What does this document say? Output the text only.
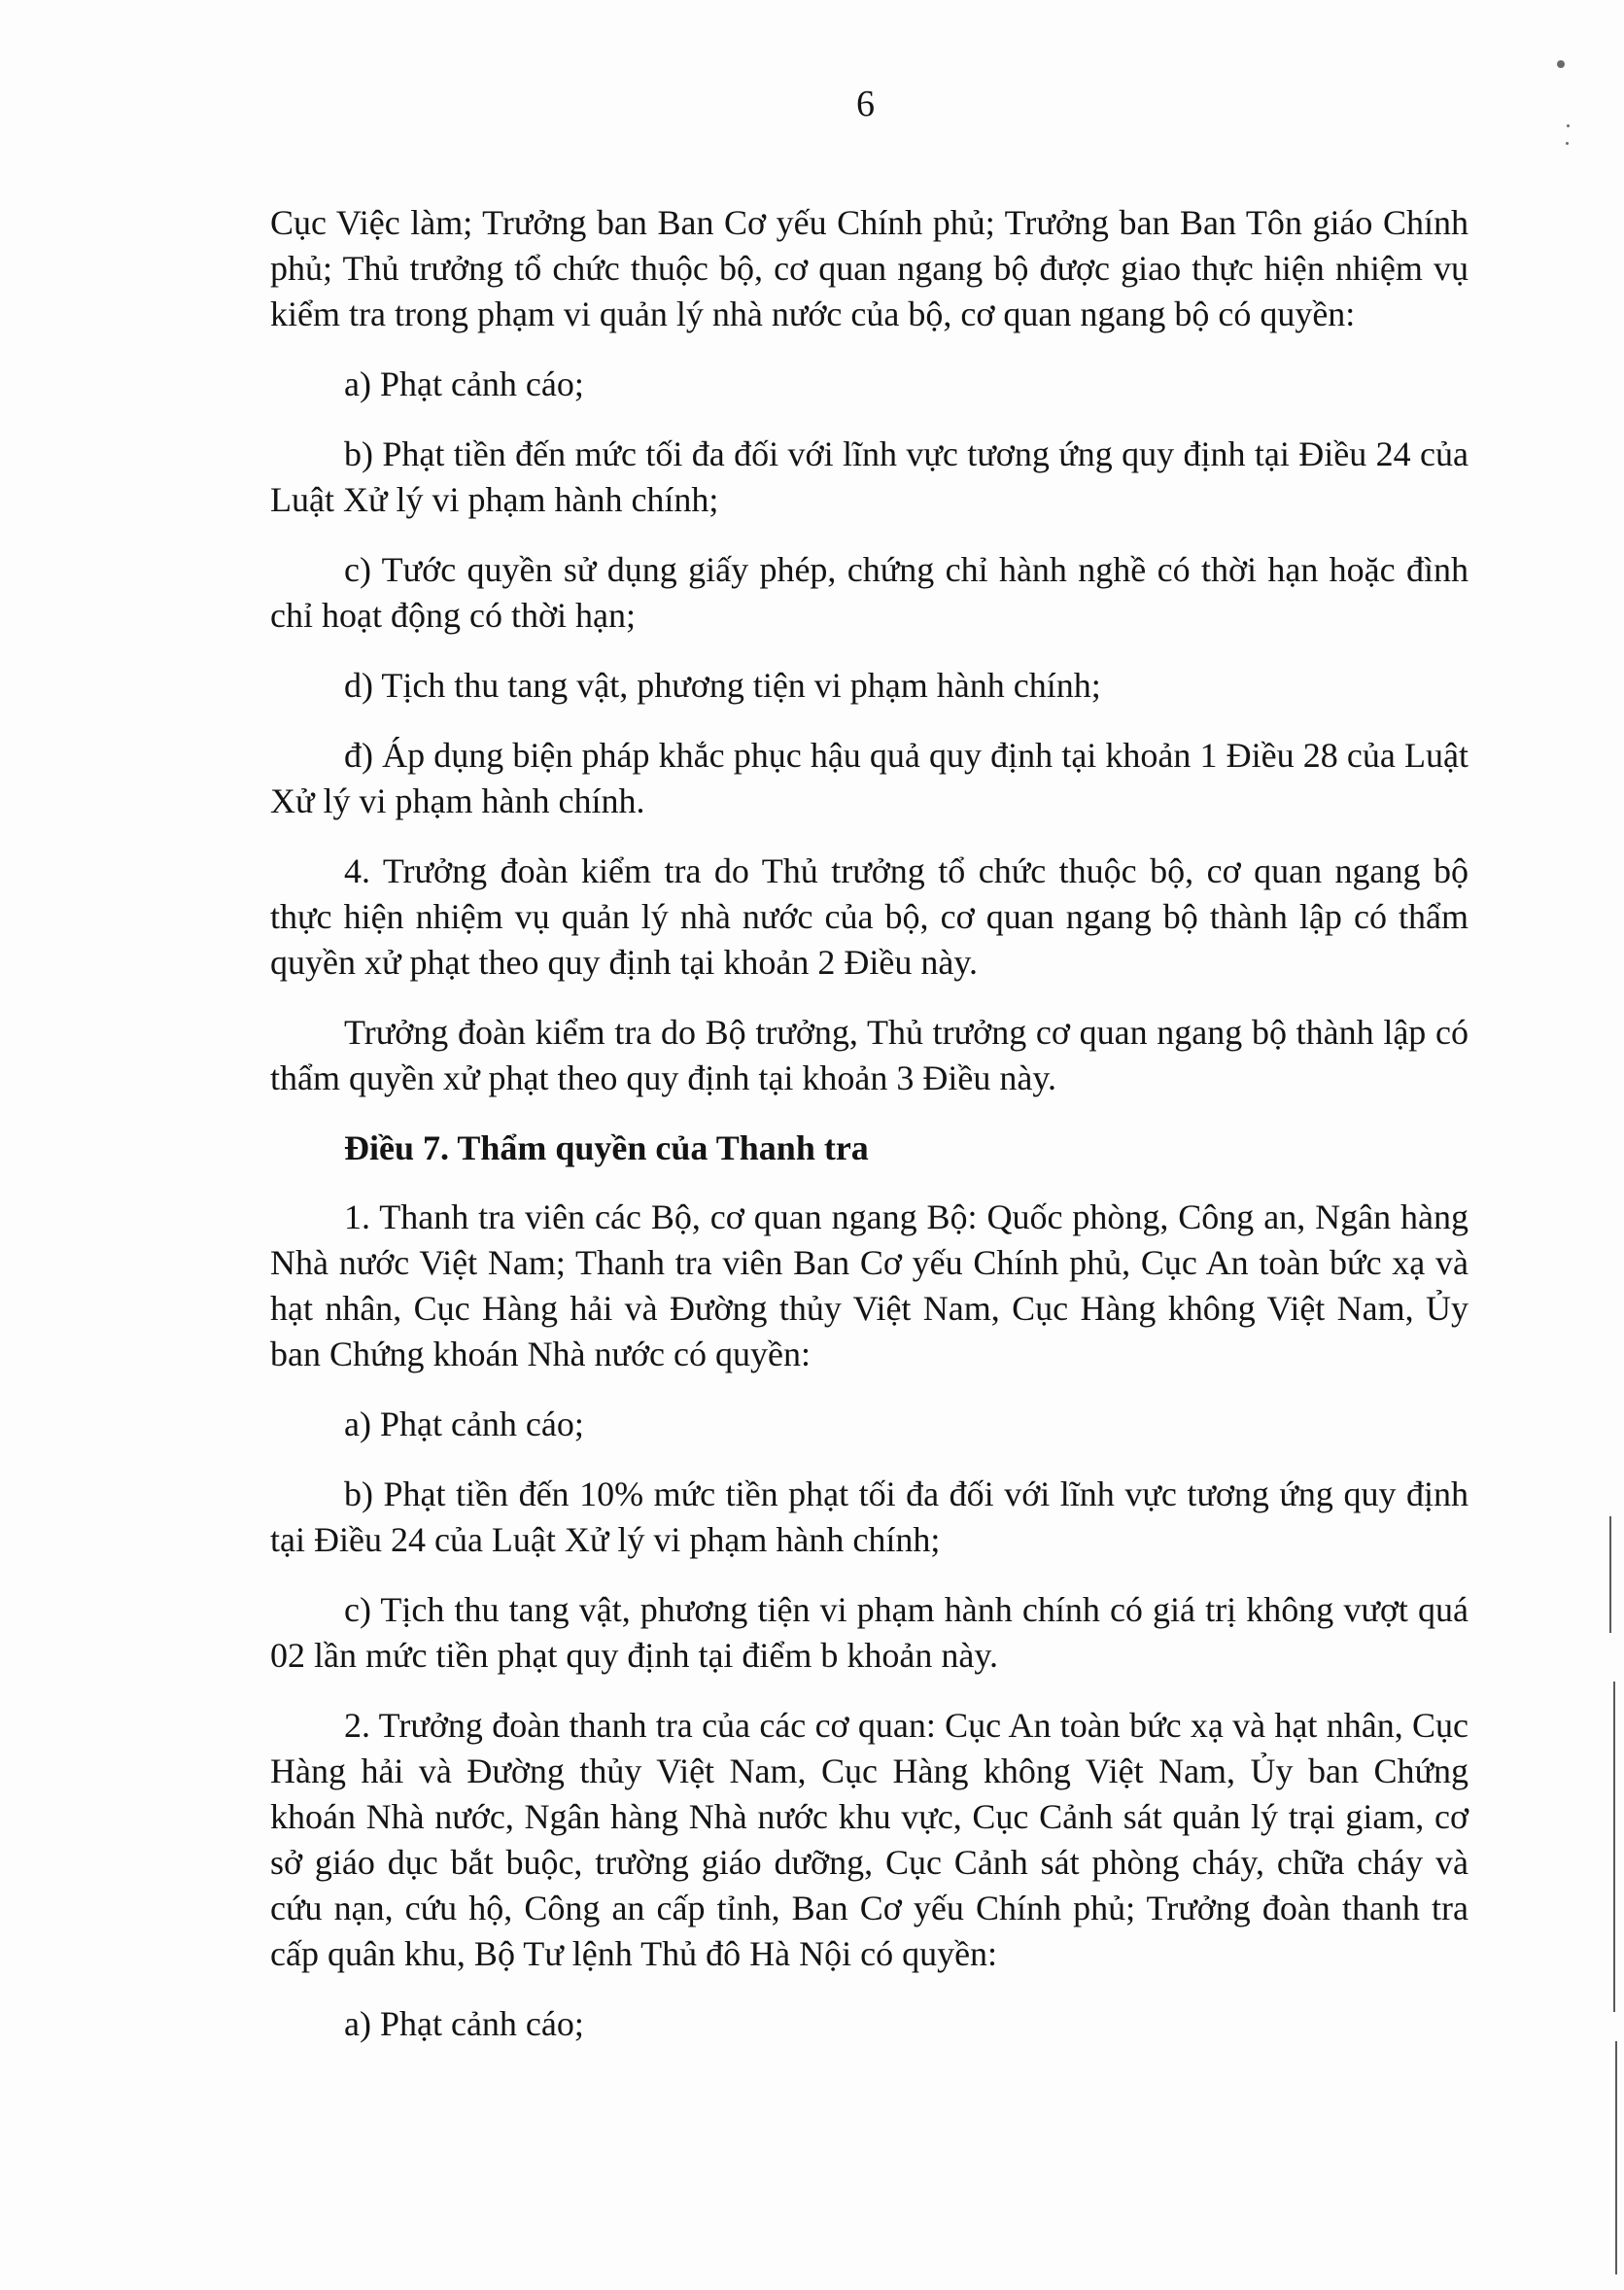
6

Cục Việc làm; Trưởng ban Ban Cơ yếu Chính phủ; Trưởng ban Ban Tôn giáo Chính phủ; Thủ trưởng tổ chức thuộc bộ, cơ quan ngang bộ được giao thực hiện nhiệm vụ kiểm tra trong phạm vi quản lý nhà nước của bộ, cơ quan ngang bộ có quyền:

a) Phạt cảnh cáo;

b) Phạt tiền đến mức tối đa đối với lĩnh vực tương ứng quy định tại Điều 24 của Luật Xử lý vi phạm hành chính;

c) Tước quyền sử dụng giấy phép, chứng chỉ hành nghề có thời hạn hoặc đình chỉ hoạt động có thời hạn;

d) Tịch thu tang vật, phương tiện vi phạm hành chính;

đ) Áp dụng biện pháp khắc phục hậu quả quy định tại khoản 1 Điều 28 của Luật Xử lý vi phạm hành chính.

4. Trưởng đoàn kiểm tra do Thủ trưởng tổ chức thuộc bộ, cơ quan ngang bộ thực hiện nhiệm vụ quản lý nhà nước của bộ, cơ quan ngang bộ thành lập có thẩm quyền xử phạt theo quy định tại khoản 2 Điều này.

Trưởng đoàn kiểm tra do Bộ trưởng, Thủ trưởng cơ quan ngang bộ thành lập có thẩm quyền xử phạt theo quy định tại khoản 3 Điều này.

Điều 7. Thẩm quyền của Thanh tra

1. Thanh tra viên các Bộ, cơ quan ngang Bộ: Quốc phòng, Công an, Ngân hàng Nhà nước Việt Nam; Thanh tra viên Ban Cơ yếu Chính phủ, Cục An toàn bức xạ và hạt nhân, Cục Hàng hải và Đường thủy Việt Nam, Cục Hàng không Việt Nam, Ủy ban Chứng khoán Nhà nước có quyền:

a) Phạt cảnh cáo;

b) Phạt tiền đến 10% mức tiền phạt tối đa đối với lĩnh vực tương ứng quy định tại Điều 24 của Luật Xử lý vi phạm hành chính;

c) Tịch thu tang vật, phương tiện vi phạm hành chính có giá trị không vượt quá 02 lần mức tiền phạt quy định tại điểm b khoản này.

2. Trưởng đoàn thanh tra của các cơ quan: Cục An toàn bức xạ và hạt nhân, Cục Hàng hải và Đường thủy Việt Nam, Cục Hàng không Việt Nam, Ủy ban Chứng khoán Nhà nước, Ngân hàng Nhà nước khu vực, Cục Cảnh sát quản lý trại giam, cơ sở giáo dục bắt buộc, trường giáo dưỡng, Cục Cảnh sát phòng cháy, chữa cháy và cứu nạn, cứu hộ, Công an cấp tỉnh, Ban Cơ yếu Chính phủ; Trưởng đoàn thanh tra cấp quân khu, Bộ Tư lệnh Thủ đô Hà Nội có quyền:

a) Phạt cảnh cáo;
